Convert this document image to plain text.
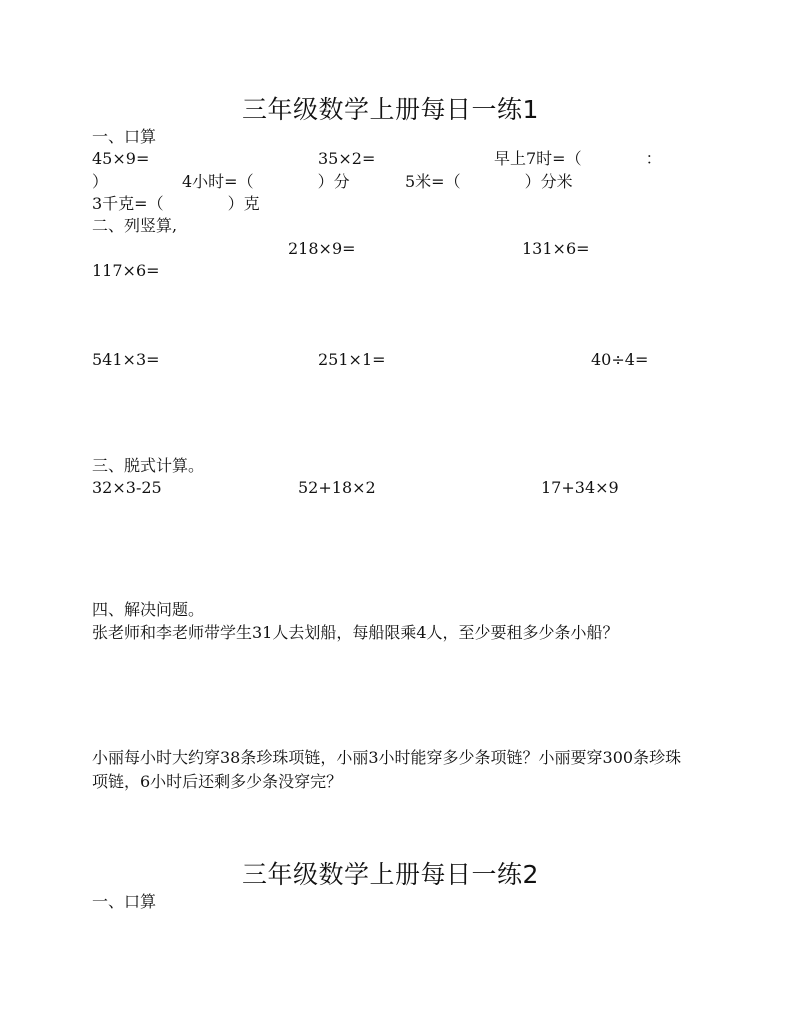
三年级数学上册每日一练1
一、口算
45×9=	35×2=	早上7时=（　　　　：
）	4小时=（　　　　）分	5米=（　　　　）分米
3千克=（　　　　）克
二、列竖算,
218×9=	131×6=
117×6=
541×3=	251×1=	40÷4=
三、脱式计算。
32×3-25	52+18×2	17+34×9
四、解决问题。
张老师和李老师带学生31人去划船，每船限乘4人，至少要租多少条小船？
小丽每小时大约穿38条珍珠项链，小丽3小时能穿多少条项链？小丽要穿300条珍珠项链，6小时后还剩多少条没穿完？
三年级数学上册每日一练2
一、口算
